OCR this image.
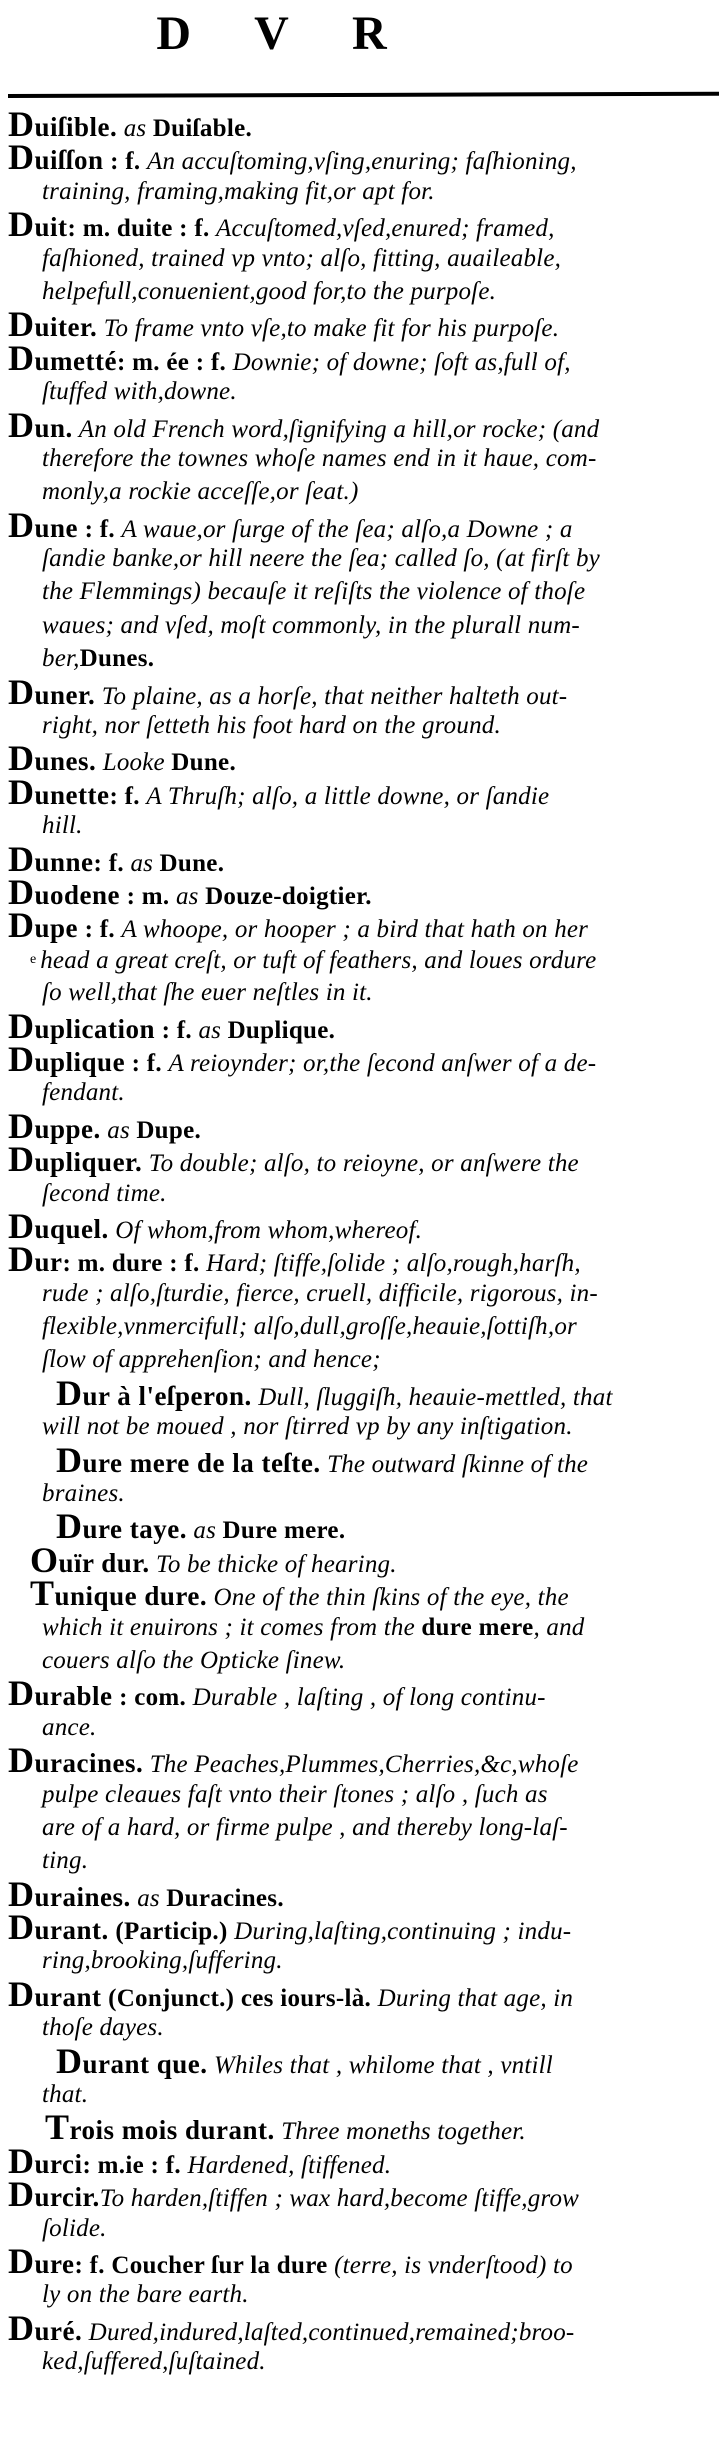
D V R
Duiſible. as Duiſable.
Duiſſon : f. An accuſtoming,vſing,enuring; faſhioning,
training, framing,making fit,or apt for.
Duit: m. duite : f. Accuſtomed,vſed,enured; framed,
faſhioned, trained vp vnto; alſo, fitting, auaileable,
helpefull,conuenient,good for,to the purpoſe.
Duiter. To frame vnto vſe,to make fit for his purpoſe.
Dumetté: m. ée : f. Downie; of downe; ſoft as,full of,
ſtuffed with,downe.
Dun. An old French word,ſignifying a hill,or rocke; (and
therefore the townes whoſe names end in it haue, com-
monly,a rockie acceſſe,or ſeat.)
Dune : f. A waue,or ſurge of the ſea; alſo,a Downe ; a
ſandie banke,or hill neere the ſea; called ſo, (at firſt by
the Flemmings) becauſe it reſiſts the violence of thoſe
waues; and vſed, moſt commonly, in the plurall num-
ber,Dunes.
Duner. To plaine, as a horſe, that neither halteth out-
right, nor ſetteth his foot hard on the ground.
Dunes. Looke Dune.
Dunette: f. A Thruſh; alſo, a little downe, or ſandie
hill.
Dunne: f. as Dune.
Duodene : m. as Douze-doigtier.
Dupe : f. A whoope, or hooper ; a bird that hath on her
e head a great creſt, or tuft of feathers, and loues ordure
ſo well,that ſhe euer neſtles in it.
Duplication : f. as Duplique.
Duplique : f. A reioynder; or,the ſecond anſwer of a de-
fendant.
Duppe. as Dupe.
Dupliquer. To double; alſo, to reioyne, or anſwere the
ſecond time.
Duquel. Of whom,from whom,whereof.
Dur: m. dure : f. Hard; ſtiffe,ſolide ; alſo,rough,harſh,
rude ; alſo,ſturdie, fierce, cruell, difficile, rigorous, in-
flexible,vnmercifull; alſo,dull,groſſe,heauie,ſottiſh,or
ſlow of apprehenſion; and hence;
Dur à l'eſperon. Dull, ſluggiſh, heauie-mettled, that
will not be moued , nor ſtirred vp by any inſtigation.
Dure mere de la teſte. The outward ſkinne of the
braines.
Dure taye. as Dure mere.
Ouïr dur. To be thicke of hearing.
Tunique dure. One of the thin ſkins of the eye, the
which it enuirons ; it comes from the dure mere, and
couers alſo the Opticke ſinew.
Durable : com. Durable , laſting , of long continu-
ance.
Duracines. The Peaches,Plummes,Cherries,&c,whoſe
pulpe cleaues faſt vnto their ſtones ; alſo , ſuch as
are of a hard, or firme pulpe , and thereby long-laſ-
ting.
Duraines. as Duracines.
Durant. (Particip.) During,laſting,continuing ; indu-
ring,brooking,ſuffering.
Durant (Conjunct.) ces iours-là. During that age, in
thoſe dayes.
Durant que. Whiles that , whilome that , vntill
that.
Trois mois durant. Three moneths together.
Durci: m.ie : f. Hardened, ſtiffened.
Durcir.To harden,ſtiffen ; wax hard,become ſtiffe,grow
ſolide.
Dure: f. Coucher ſur la dure (terre, is vnderſtood) to
ly on the bare earth.
Duré. Dured,indured,laſted,continued,remained;broo-
ked,ſuffered,ſuſtained.
